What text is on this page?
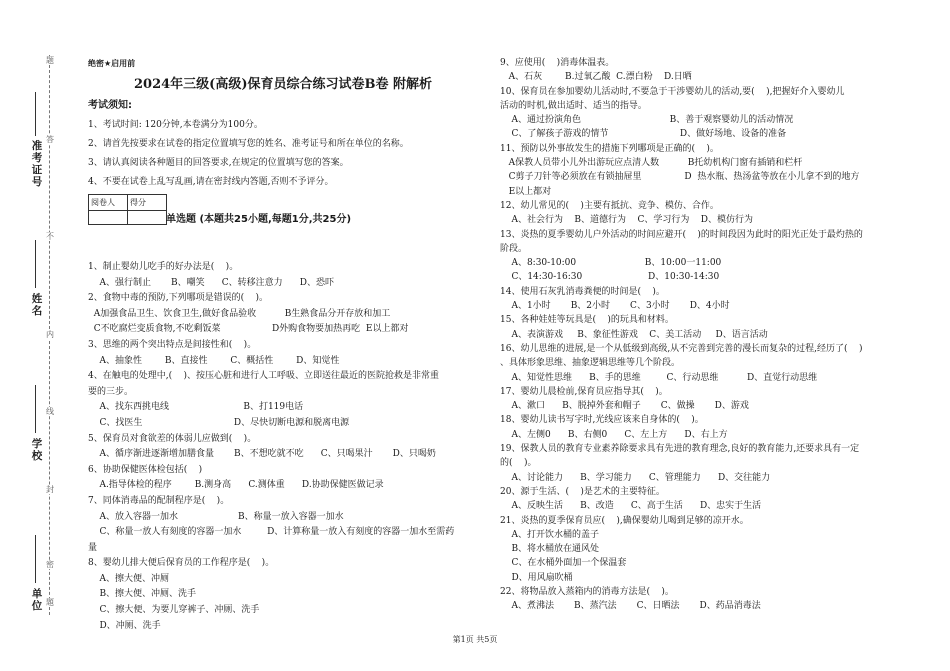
准考证号
姓名
学校
单位
题
答
不
内
线
封
密
題
绝密★启用前
2024年三级(高级)保育员综合练习试卷B卷 附解析
考试须知:

1、考试时间: 120分钟,本卷满分为100分。

2、请首先按要求在试卷的指定位置填写您的姓名、准考证号和所在单位的名称。

3、请认真阅读各种题目的回答要求,在规定的位置填写您的答案。

4、不要在试卷上乱写乱画,请在密封线内答题,否则不予评分。

阅卷人	得分

单选题 (本题共25小题,每题1分,共25分)

1、制止婴幼儿吃手的好办法是(    )。

A、强行制止       B、嘲笑      C、转移注意力      D、恐吓

2、食物中毒的预防,下列哪项是错误的(    )。

A加强食品卫生、饮食卫生,做好食品验收          B生熟食品分开存放和加工

C不吃腐烂变质食物,不吃剩饭菜                  D外购食物要加热再吃  E以上都对

3、思维的两个突出特点是间接性和(    )。

A、抽象性        B、直接性        C、概括性        D、知觉性

4、在触电的处理中,(    )、按压心脏和进行人工呼吸、立即送往最近的医院抢救是非常重

要的三步。

A、找东西挑电线                          B、打119电话

C、找医生                                D、尽快切断电源和脱离电源

5、保育员对食欲差的体弱儿应做到(    )。

A、循序渐进逐渐增加膳食量       B、不想吃就不吃      C、只喝果汁       D、只喝奶

6、协助保健医体检包括(    )

A.指导体检的程序        B.测身高      C.测体重      D.协助保健医做记录

7、同体消毒品的配制程序是(    )。

A、放入容器一加水                     B、称量一放入容器一加水

C、称量一放人有刻度的容器一加水         D、计算称量一放入有刻度的容器一加水至需药

量

8、婴幼儿排大便后保育员的工作程序是(    )。

A、擦大便、冲厕

B、擦大便、冲厕、洗手

C、擦大便、为要儿穿裤子、冲厕、洗手

D、冲厕、洗手

9、应使用(    )消毒体温表。

A、石灰        B.过氧乙酸  C.漂白粉    D.日晒

10、保育员在参加婴幼儿活动时,不要急于干涉婴幼儿的活动,要(    ),把握好介入婴幼儿

活动的时机,做出适时、适当的指导。

A、通过扮演角色                               B、善于观察婴幼儿的活动情况

C、了解孩子游戏的情节                         D、做好场地、设备的准备

11、预防以外事故发生的措施下列哪项是正确的(    )。

A保教人员带小儿外出游玩应点清人数          B托幼机构门窗有插销和栏杆

C剪子刀针等必须放在有锁抽屉里               D  热水瓶、热汤盆等放在小儿拿不到的地方

E以上都对

12、幼儿常见的(    )主要有抵抗、竞争、模仿、合作。

A、社会行为    B、道德行为    C、学习行为    D、模仿行为

13、炎热的夏季婴幼儿户外活动的时间应避开(    )的时间段因为此时的阳光正处于最灼热的

阶段。

A、8:30-10:00                        B、10:00一11:00

C、14:30-16:30                       D、10:30-14:30

14、使用石灰乳消毒粪便的时间是(    )。

A、1小时       B、2小时       C、3小时       D、4小时

15、各种娃娃等玩具是(    )的玩具和材料。

A、表演游戏     B、象征性游戏    C、美工活动     D、语言活动

16、幼儿思维的进展,是一个从低级到高级,从不完善到完善的漫长而复杂的过程,经历了(    )

、具体形象思维、抽象逻辑思维等几个阶段。

A、知觉性思维      B、手的思维         C、行动思维          D、直觉行动思维

17、婴幼儿晨检前,保育员应指导其(    )。

A、漱口      B、脱掉外套和帽子       C、做操       D、游戏

18、婴幼儿读书写字时,光线应该来自身体的(    )。

A、左侧0      B、右侧0      C、左上方      D、右上方

19、保教人员的教育专业素养除要求具有先进的教育理念,良好的教育能力,还要求具有一定

的(    )。

A、讨论能力      B、学习能力      C、管理能力      D、交往能力

20、源于生活、(    )是艺术的主要特征。

A、反映生活      B、改造      C、高于生活      D、忠实于生活

21、炎热的夏季保育员应(    ),确保婴幼儿喝到足够的凉开水。

A、打开饮水桶的盖子

B、将水桶放在通风处

C、在水桶外面加一个保温套

D、用风扇吹桶

22、将物品放入蒸箱内的消毒方法是(    )。

A、煮沸法       B、蒸汽法       C、日晒法       D、药品消毒法

第1页 共5页
